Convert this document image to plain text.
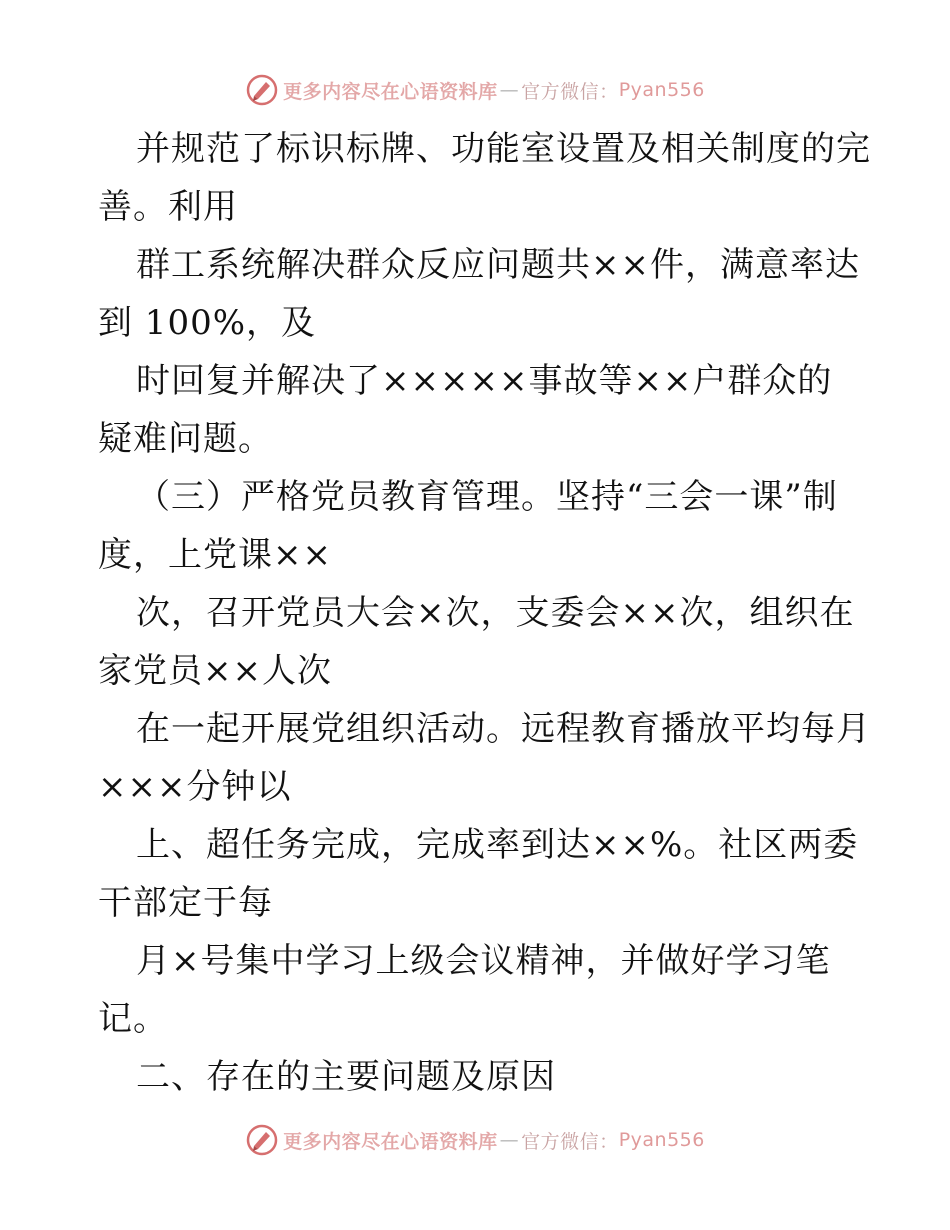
更多内容尽在心语资料库 — 官方微信： Pyan556
并规范了标识标牌、功能室设置及相关制度的完
善。利用
群工系统解决群众反应问题共××件，满意率达
到 100%，及
时回复并解决了×××××事故等××户群众的
疑难问题。
（三）严格党员教育管理。坚持“三会一课”制
度，上党课××
次，召开党员大会×次，支委会××次，组织在
家党员××人次
在一起开展党组织活动。远程教育播放平均每月
×××分钟以
上、超任务完成，完成率到达××%。社区两委
干部定于每
月×号集中学习上级会议精神，并做好学习笔
记。
二、存在的主要问题及原因
更多内容尽在心语资料库 — 官方微信： Pyan556
